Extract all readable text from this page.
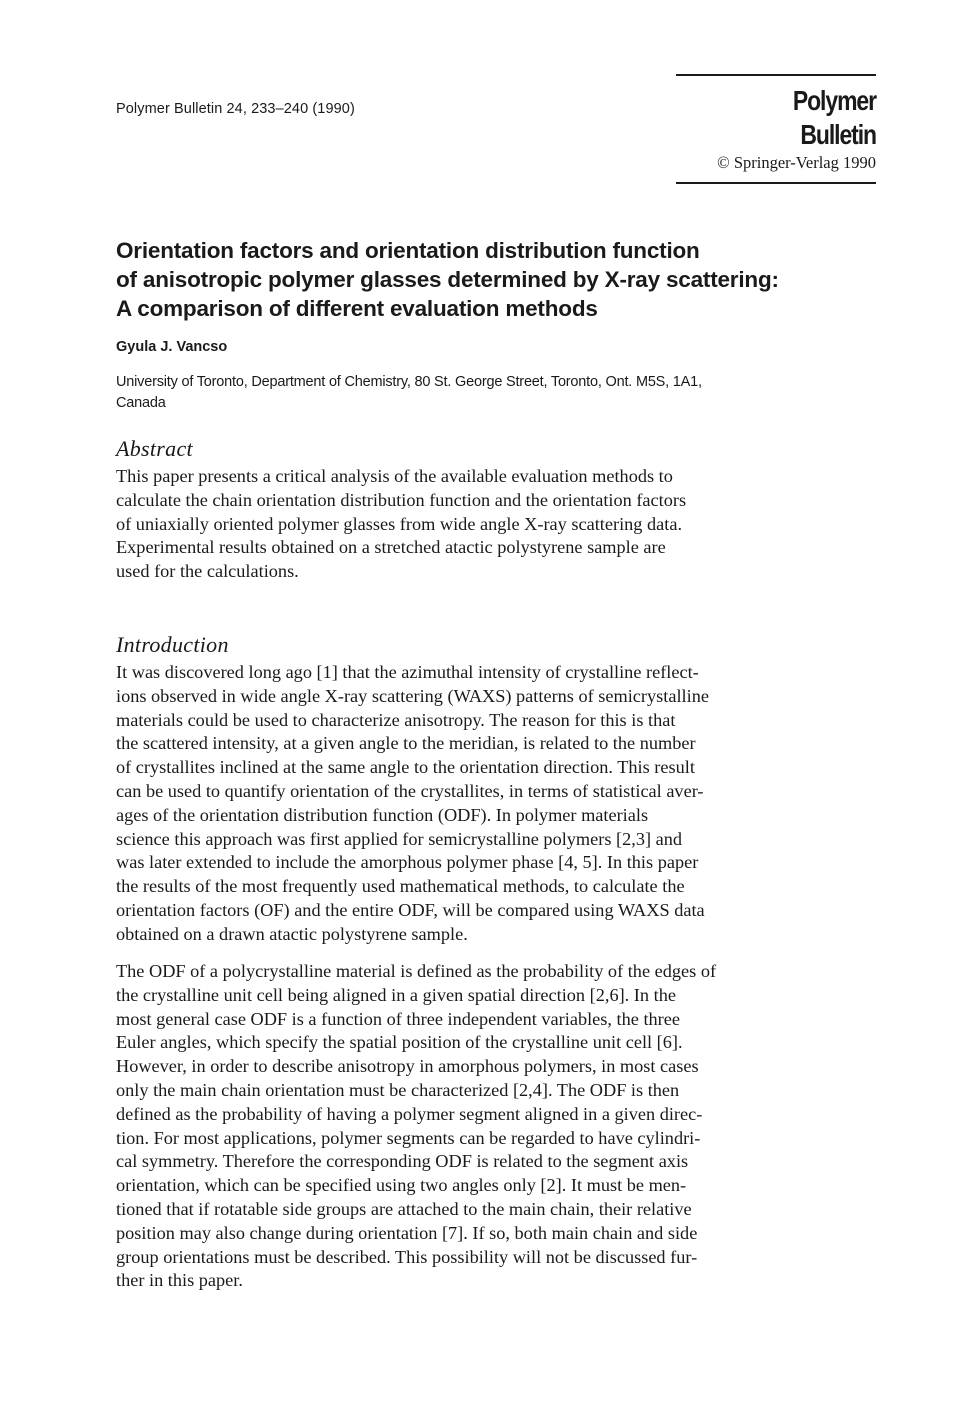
Polymer Bulletin 24, 233–240 (1990)	Polymer Bulletin
© Springer-Verlag 1990
Orientation factors and orientation distribution function
of anisotropic polymer glasses determined by X-ray scattering:
A comparison of different evaluation methods
Gyula J. Vancso
University of Toronto, Department of Chemistry, 80 St. George Street, Toronto, Ont. M5S, 1A1,
Canada
Abstract
This paper presents a critical analysis of the available evaluation methods to
calculate the chain orientation distribution function and the orientation factors
of uniaxially oriented polymer glasses from wide angle X-ray scattering data.
Experimental results obtained on a stretched atactic polystyrene sample are
used for the calculations.
Introduction
It was discovered long ago [1] that the azimuthal intensity of crystalline reflect-
ions observed in wide angle X-ray scattering (WAXS) patterns of semicrystalline
materials could be used to characterize anisotropy. The reason for this is that
the scattered intensity, at a given angle to the meridian, is related to the number
of crystallites inclined at the same angle to the orientation direction. This result
can be used to quantify orientation of the crystallites, in terms of statistical aver-
ages of the orientation distribution function (ODF). In polymer materials
science this approach was first applied for semicrystalline polymers [2,3] and
was later extended to include the amorphous polymer phase [4, 5]. In this paper
the results of the most frequently used mathematical methods, to calculate the
orientation factors (OF) and the entire ODF, will be compared using WAXS data
obtained on a drawn atactic polystyrene sample.
The ODF of a polycrystalline material is defined as the probability of the edges of
the crystalline unit cell being aligned in a given spatial direction [2,6]. In the
most general case ODF is a function of three independent variables, the three
Euler angles, which specify the spatial position of the crystalline unit cell [6].
However, in order to describe anisotropy in amorphous polymers, in most cases
only the main chain orientation must be characterized [2,4]. The ODF is then
defined as the probability of having a polymer segment aligned in a given direc-
tion. For most applications, polymer segments can be regarded to have cylindri-
cal symmetry. Therefore the corresponding ODF is related to the segment axis
orientation, which can be specified using two angles only [2]. It must be men-
tioned that if rotatable side groups are attached to the main chain, their relative
position may also change during orientation [7]. If so, both main chain and side
group orientations must be described. This possibility will not be discussed fur-
ther in this paper.
